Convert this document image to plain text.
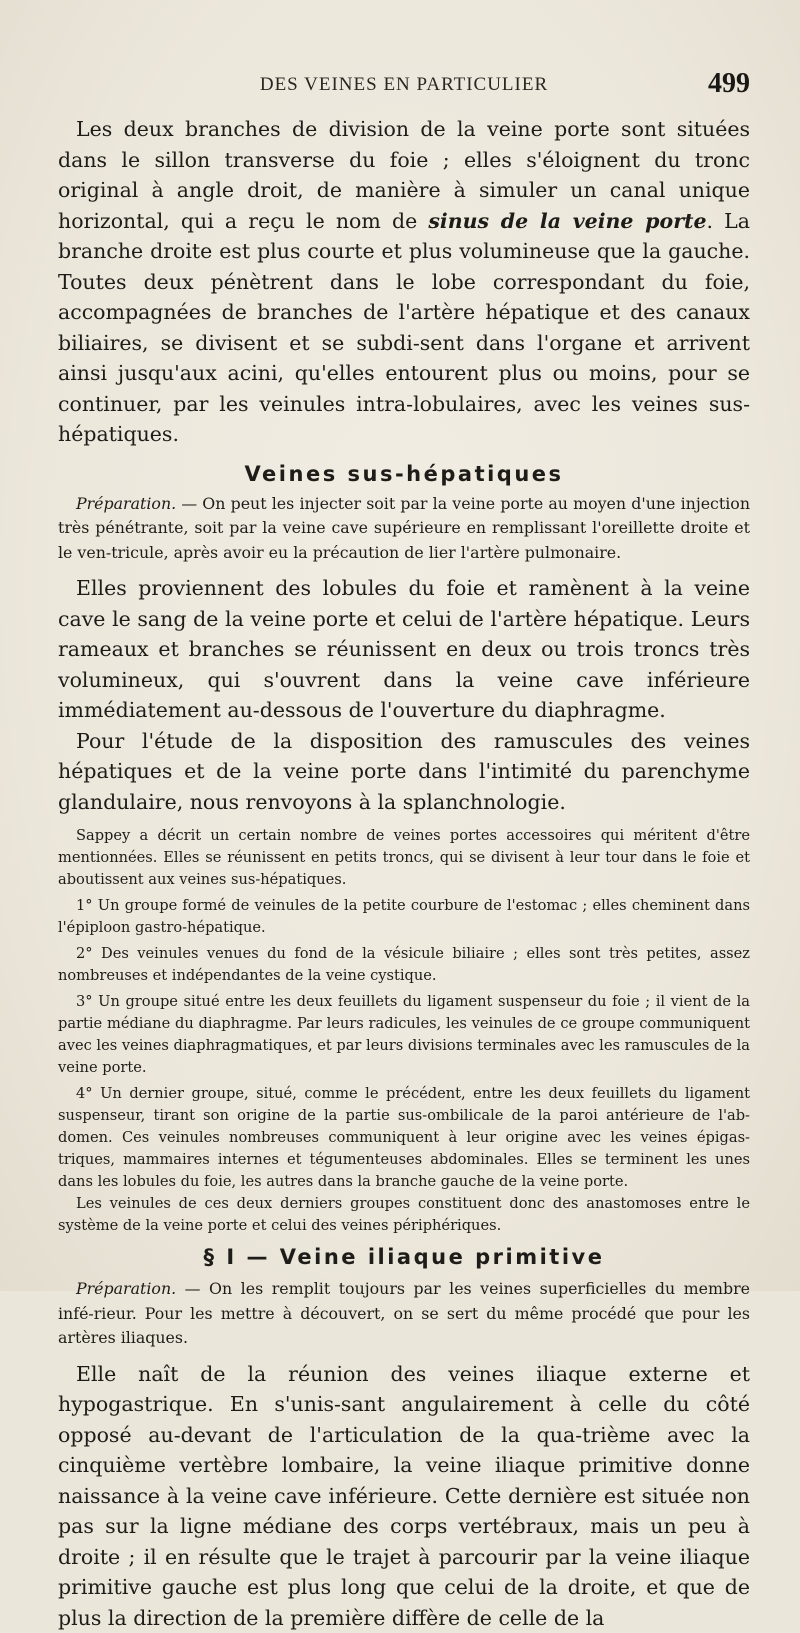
DES VEINES EN PARTICULIER	499

Les deux branches de division de la veine porte sont situées dans le sillon transverse du foie ; elles s'éloignent du tronc original à angle droit, de manière à simuler un canal unique horizontal, qui a reçu le nom de sinus de la veine porte. La branche droite est plus courte et plus volumineuse que la gauche. Toutes deux pénètrent dans le lobe correspondant du foie, accompagnées de branches de l'artère hépatique et des canaux biliaires, se divisent et se subdi-sent dans l'organe et arrivent ainsi jusqu'aux acini, qu'elles entourent plus ou moins, pour se continuer, par les veinules intra-lobulaires, avec les veines sus-hépatiques.

Veines sus-hépatiques

Préparation. — On peut les injecter soit par la veine porte au moyen d'une injection très pénétrante, soit par la veine cave supérieure en remplissant l'oreillette droite et le ven-tricule, après avoir eu la précaution de lier l'artère pulmonaire.

Elles proviennent des lobules du foie et ramènent à la veine cave le sang de la veine porte et celui de l'artère hépatique. Leurs rameaux et branches se réunissent en deux ou trois troncs très volumineux, qui s'ouvrent dans la veine cave inférieure immédiatement au-dessous de l'ouverture du diaphragme.

Pour l'étude de la disposition des ramuscules des veines hépatiques et de la veine porte dans l'intimité du parenchyme glandulaire, nous renvoyons à la splanchnologie.

Sappey a décrit un certain nombre de veines portes accessoires qui méritent d'être mentionnées. Elles se réunissent en petits troncs, qui se divisent à leur tour dans le foie et aboutissent aux veines sus-hépatiques.

1° Un groupe formé de veinules de la petite courbure de l'estomac ; elles cheminent dans l'épiploon gastro-hépatique.

2° Des veinules venues du fond de la vésicule biliaire ; elles sont très petites, assez nombreuses et indépendantes de la veine cystique.

3° Un groupe situé entre les deux feuillets du ligament suspenseur du foie ; il vient de la partie médiane du diaphragme. Par leurs radicules, les veinules de ce groupe communiquent avec les veines diaphragmatiques, et par leurs divisions terminales avec les ramuscules de la veine porte.

4° Un dernier groupe, situé, comme le précédent, entre les deux feuillets du ligament suspenseur, tirant son origine de la partie sus-ombilicale de la paroi antérieure de l'ab-domen. Ces veinules nombreuses communiquent à leur origine avec les veines épigas-triques, mammaires internes et tégumenteuses abdominales. Elles se terminent les unes dans les lobules du foie, les autres dans la branche gauche de la veine porte.

Les veinules de ces deux derniers groupes constituent donc des anastomoses entre le système de la veine porte et celui des veines périphériques.

§ I — Veine iliaque primitive

Préparation. — On les remplit toujours par les veines superficielles du membre infé-rieur. Pour les mettre à découvert, on se sert du même procédé que pour les artères iliaques.

Elle naît de la réunion des veines iliaque externe et hypogastrique. En s'unis-sant angulairement à celle du côté opposé au-devant de l'articulation de la qua-trième avec la cinquième vertèbre lombaire, la veine iliaque primitive donne naissance à la veine cave inférieure. Cette dernière est située non pas sur la ligne médiane des corps vertébraux, mais un peu à droite ; il en résulte que le trajet à parcourir par la veine iliaque primitive gauche est plus long que celui de la droite, et que de plus la direction de la première diffère de celle de la
